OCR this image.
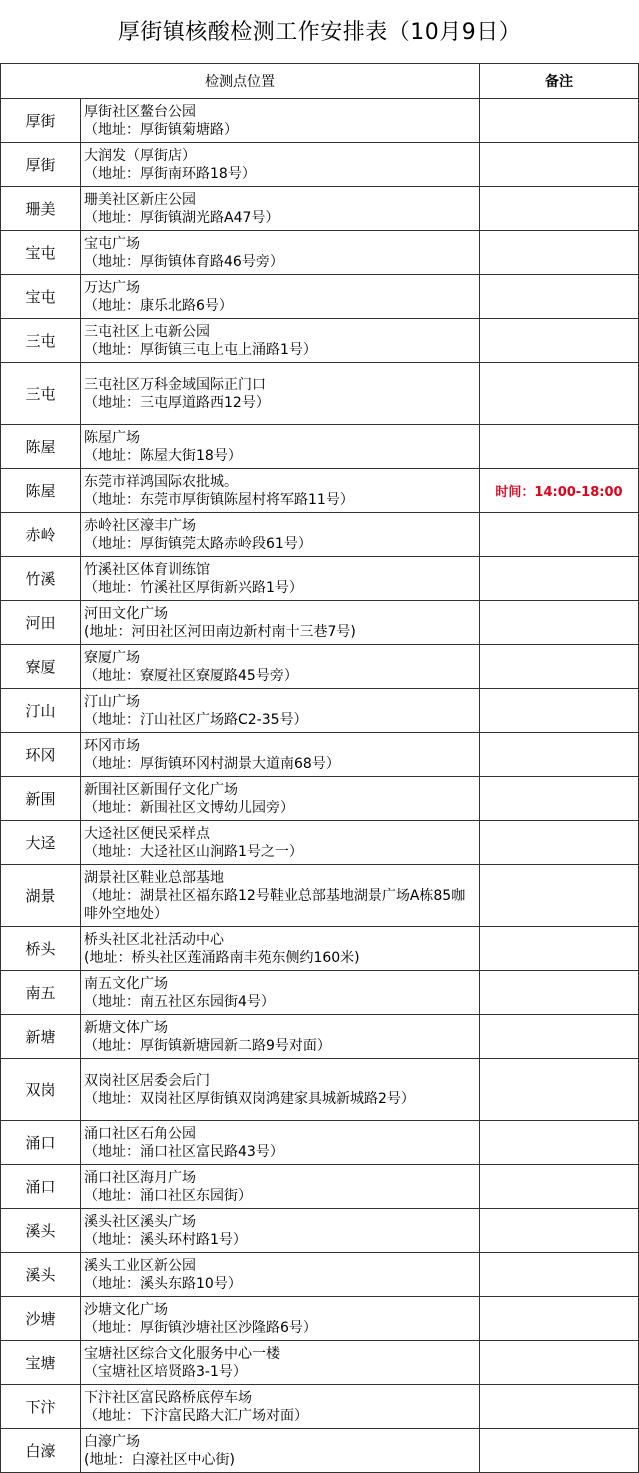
厚街镇核酸检测工作安排表（10月9日）
检测点位置		备注
厚街	厚街社区鳌台公园
（地址：厚街镇菊塘路）	

厚街	大润发（厚街店）
（地址：厚街南环路18号）	

珊美	珊美社区新庄公园
（地址：厚街镇湖光路A47号）	

宝屯	宝屯广场
（地址：厚街镇体育路46号旁）	

宝屯	万达广场
（地址：康乐北路6号）	

三屯	三屯社区上屯新公园
（地址：厚街镇三屯上屯上涌路1号）	

三屯	三屯社区万科金域国际正门口
（地址：三屯厚道路西12号）	

陈屋	陈屋广场
（地址：陈屋大街18号）	

陈屋	东莞市祥鸿国际农批城。
（地址：东莞市厚街镇陈屋村将军路11号）	时间：14:00-18:00
赤岭	赤岭社区濠丰广场
（地址：厚街镇莞太路赤岭段61号）	

竹溪	竹溪社区体育训练馆
（地址：竹溪社区厚街新兴路1号）	

河田	河田文化广场
(地址：河田社区河田南边新村南十三巷7号)	

寮厦	寮厦广场
（地址：寮厦社区寮厦路45号旁）	

汀山	汀山广场
（地址：汀山社区广场路C2-35号）	

环冈	环冈市场
（地址：厚街镇环冈村湖景大道南68号）	

新围	新围社区新围仔文化广场
（地址：新围社区文博幼儿园旁）	

大迳	大迳社区便民采样点
（地址：大迳社区山涧路1号之一）	

湖景	湖景社区鞋业总部基地
（地址：湖景社区福东路12号鞋业总部基地湖景广场A栋85咖啡外空地处）	

桥头	桥头社区北社活动中心
(地址：桥头社区莲涌路南丰苑东侧约160米)	

南五	南五文化广场
（地址：南五社区东园街4号）	

新塘	新塘文体广场
（地址：厚街镇新塘园新二路9号对面）	

双岗	双岗社区居委会后门
（地址：双岗社区厚街镇双岗鸿建家具城新城路2号）	

涌口	涌口社区石角公园
（地址：涌口社区富民路43号）	

涌口	涌口社区海月广场
（地址：涌口社区东园街）	

溪头	溪头社区溪头广场
（地址：溪头环村路1号）	

溪头	溪头工业区新公园
（地址：溪头东路10号）	

沙塘	沙塘文化广场
（地址：厚街镇沙塘社区沙隆路6号）	

宝塘	宝塘社区综合文化服务中心一楼
（宝塘社区培贤路3-1号）	

下汴	下汴社区富民路桥底停车场
（地址：下汴富民路大汇广场对面）	

白濠	白濠广场
(地址：白濠社区中心街)	
